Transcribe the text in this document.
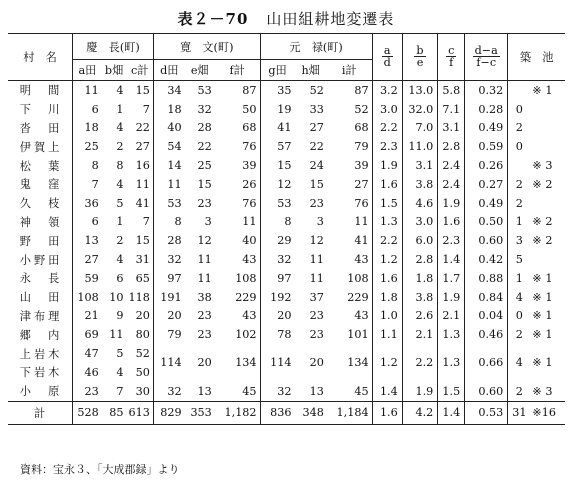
表２－70 山田組耕地変遷表
村　名	慶　長(町)			寛　文(町)			元　禄(町)			$\frac{a}{d}$	$\frac{b}{e}$	$\frac{c}{f}$	$\frac{d-a}{f-c}$	築　池	
	a田	b畑	c計	d田	e畑	f計	g田	h畑	i計						
明　間	11	4	15	34	53	87	35	52	87	3.2	13.0	5.8	0.32		※ 1
下　川	6	1	7	18	32	50	19	33	52	3.0	32.0	7.1	0.28	0	
沓　田	18	4	22	40	28	68	41	27	68	2.2	7.0	3.1	0.49	2	
伊賀上	25	2	27	54	22	76	57	22	79	2.3	11.0	2.8	0.59	0	
松　葉	8	8	16	14	25	39	15	24	39	1.9	3.1	2.4	0.26		※ 3
鬼　窪	7	4	11	11	15	26	12	15	27	1.6	3.8	2.4	0.27	2	※ 2
久　枝	36	5	41	53	23	76	53	23	76	1.5	4.6	1.9	0.49	2	
神　領	6	1	7	8	3	11	8	3	11	1.3	3.0	1.6	0.50	1	※ 2
野　田	13	2	15	28	12	40	29	12	41	2.2	6.0	2.3	0.60	3	※ 2
小野田	27	4	31	32	11	43	32	11	43	1.2	2.8	1.4	0.42	5	
永　長	59	6	65	97	11	108	97	11	108	1.6	1.8	1.7	0.88	1	※ 1
山　田	108	10	118	191	38	229	192	37	229	1.8	3.8	1.9	0.84	4	※ 1
津布理	21	9	20	20	23	43	20	23	43	1.0	2.6	2.1	0.04	0	※ 1
郷　内	69	11	80	79	23	102	78	23	101	1.1	2.1	1.3	0.46	2	※ 1
上岩木	47	5	52	114	20	134	114	20	134	1.2	2.2	1.3	0.66	4	※ 1
下岩木	46	4	50												
小　原	23	7	30	32	13	45	32	13	45	1.4	1.9	1.5	0.60	2	※ 3
計	528	85	613	829	353	1,182	836	348	1,184	1.6	4.2	1.4	0.53	31	※16
資料：宝永３、「大成郡録」より
